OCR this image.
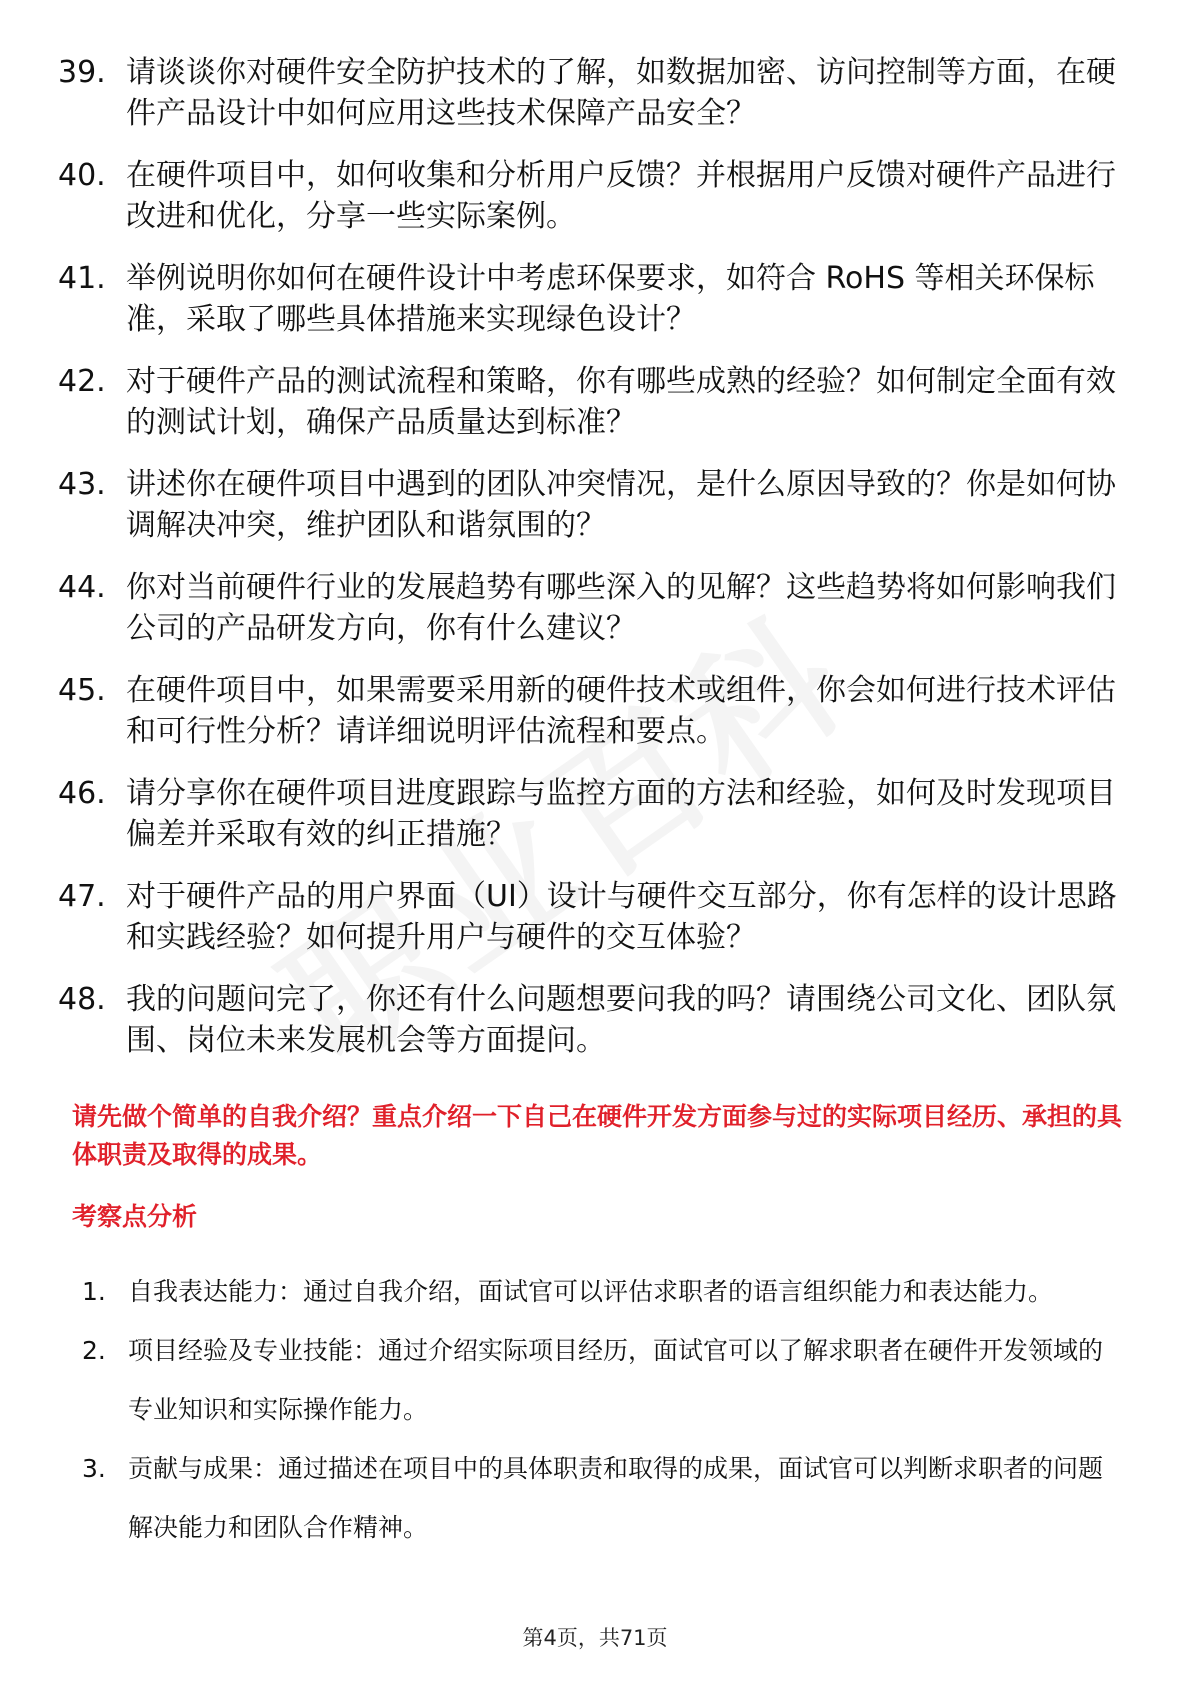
39. 请谈谈你对硬件安全防护技术的了解，如数据加密、访问控制等方面，在硬件产品设计中如何应用这些技术保障产品安全？
40. 在硬件项目中，如何收集和分析用户反馈？并根据用户反馈对硬件产品进行改进和优化，分享一些实际案例。
41. 举例说明你如何在硬件设计中考虑环保要求，如符合 RoHS 等相关环保标准，采取了哪些具体措施来实现绿色设计？
42. 对于硬件产品的测试流程和策略，你有哪些成熟的经验？如何制定全面有效的测试计划，确保产品质量达到标准？
43. 讲述你在硬件项目中遇到的团队冲突情况，是什么原因导致的？你是如何协调解决冲突，维护团队和谐氛围的？
44. 你对当前硬件行业的发展趋势有哪些深入的见解？这些趋势将如何影响我们公司的产品研发方向，你有什么建议？
45. 在硬件项目中，如果需要采用新的硬件技术或组件，你会如何进行技术评估和可行性分析？请详细说明评估流程和要点。
46. 请分享你在硬件项目进度跟踪与监控方面的方法和经验，如何及时发现项目偏差并采取有效的纠正措施？
47. 对于硬件产品的用户界面（UI）设计与硬件交互部分，你有怎样的设计思路和实践经验？如何提升用户与硬件的交互体验？
48. 我的问题问完了，你还有什么问题想要问我的吗？请围绕公司文化、团队氛围、岗位未来发展机会等方面提问。

请先做个简单的自我介绍？重点介绍一下自己在硬件开发方面参与过的实际项目经历、承担的具体职责及取得的成果。

考察点分析

1. 自我表达能力：通过自我介绍，面试官可以评估求职者的语言组织能力和表达能力。
2. 项目经验及专业技能：通过介绍实际项目经历，面试官可以了解求职者在硬件开发领域的专业知识和实际操作能力。
3. 贡献与成果：通过描述在项目中的具体职责和取得的成果，面试官可以判断求职者的问题解决能力和团队合作精神。

第4页，共71页
